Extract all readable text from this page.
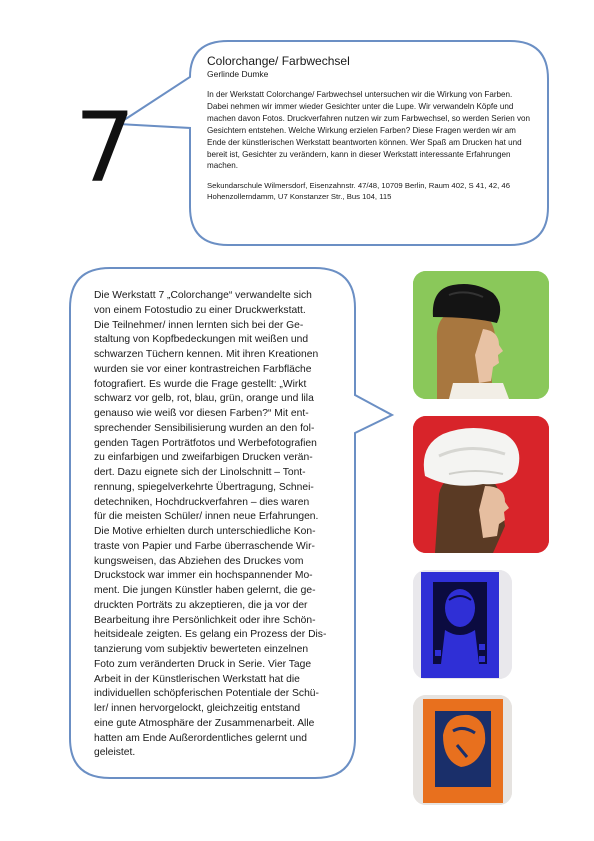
7

Colorchange/ Farbwechsel

Gerlinde Dumke

In der Werkstatt Colorchange/ Farbwechsel untersuchen wir die Wirkung von Farben. Dabei nehmen wir immer wieder Gesichter unter die Lupe. Wir verwandeln Köpfe und machen davon Fotos. Druckverfahren nutzen wir zum Farbwechsel, so werden Serien von Gesichtern entstehen. Welche Wirkung erzielen Farben? Diese Fragen werden wir am Ende der künstlerischen Werkstatt beantworten können. Wer Spaß am Drucken hat und bereit ist, Gesichter zu verändern, kann in dieser Werkstatt interessante Erfahrungen machen.

Sekundarschule Wilmersdorf, Eisenzahnstr. 47/48, 10709 Berlin, Raum 402, S 41, 42, 46 Hohenzollerndamm, U7 Konstanzer Str., Bus 104, 115

Die Werkstatt 7 „Colorchange“ verwandelte sich
von einem Fotostudio zu einer Druckwerkstatt.
Die Teilnehmer/ innen lernten sich bei der Ge-
staltung von Kopfbedeckungen mit weißen und
schwarzen Tüchern kennen. Mit ihren Kreationen
wurden sie vor einer kontrastreichen Farbfläche
fotografiert. Es wurde die Frage gestellt: „Wirkt
schwarz vor gelb, rot, blau, grün, orange und lila
genauso wie weiß vor diesen Farben?“ Mit ent-
sprechender Sensibilisierung wurden an den fol-
genden Tagen Porträtfotos und Werbefotografien
zu einfarbigen und zweifarbigen Drucken verän-
dert. Dazu eignete sich der Linolschnitt – Tont-
rennung, spiegelverkehrte Übertragung, Schnei-
detechniken, Hochdruckverfahren – dies waren
für die meisten Schüler/ innen neue Erfahrungen.
Die Motive erhielten durch unterschiedliche Kon-
traste von Papier und Farbe überraschende Wir-
kungsweisen, das Abziehen des Druckes vom
Druckstock war immer ein hochspannender Mo-
ment. Die jungen Künstler haben gelernt, die ge-
druckten Porträts zu akzeptieren, die ja vor der
Bearbeitung ihre Persönlichkeit oder ihre Schön-
heitsideale zeigten. Es gelang ein Prozess der Dis-
tanzierung vom subjektiv bewerteten einzelnen
Foto zum veränderten Druck in Serie. Vier Tage
Arbeit in der Künstlerischen Werkstatt hat die
individuellen schöpferischen Potentiale der Schü-
ler/ innen hervorgelockt, gleichzeitig entstand
eine gute Atmosphäre der Zusammenarbeit. Alle
hatten am Ende Außerordentliches gelernt und
geleistet.
